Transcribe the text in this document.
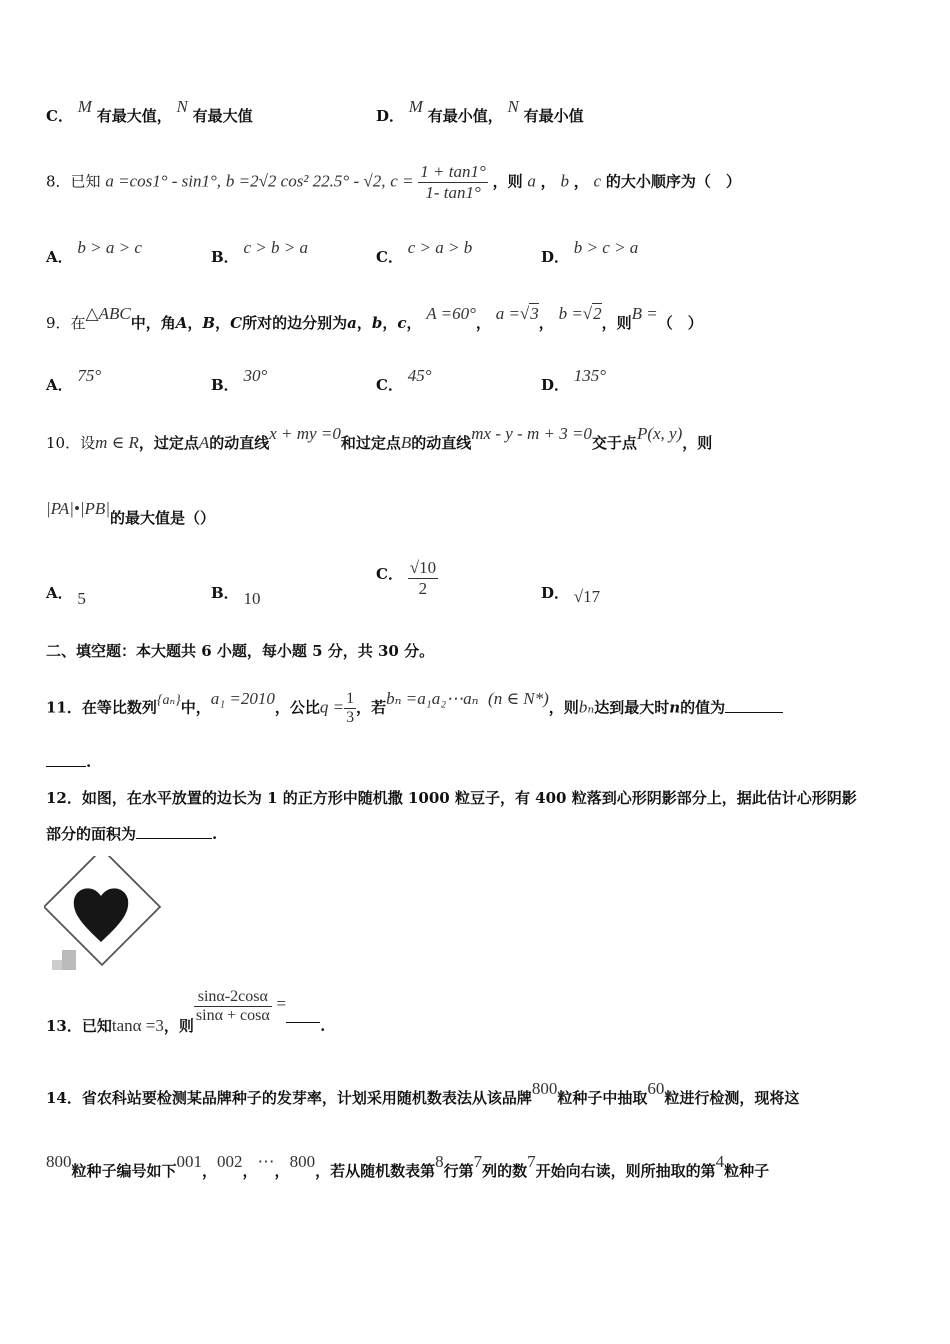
C． M 有最大值， N 有最大值	D． M 有最小值， N 有最小值
8．已知 a =cos1° - sin1°, b =2√2 cos² 22.5° - √2, $c = \frac{1 + \tan 1^\circ}{1- \tan 1^\circ}$ ，则 a ， b ， c 的大小顺序为（　）
A． b > a > c	B． c > b > a	C． c > a > b	D． b > c > a
9．在△ABC中，角A，B，C所对的边分别为a，b，c， A =60°， a =√3， b =√2，则B =（　）
A． 75°	B． 30°	C． 45°	D． 135°
10．设m ∈ R，过定点A的动直线x + my =0和过定点B的动直线mx - y - m + 3 =0交于点P(x, y)，则
|PA|•|PB|的最大值是（）
A． 5	B． 10
C． $\frac{√10}{2}$	D． √17
二、填空题：本大题共 6 小题，每小题 5 分，共 30 分。
11．在等比数列{aₙ}中，a₁ =2010，公比$q = \frac{1}{3}$ ，若bₙ =a₁a₂⋯aₙ (n ∈ N*)，则bₙ达到最大时n的值为
.
12．如图，在水平放置的边长为 1 的正方形中随机撒 1000 粒豆子，有 400 粒落到心形阴影部分上，据此估计心形阴影
部分的面积为	.
13．已知tanα =3，则
$\frac{\sin\alpha-2\cos\alpha}{\sin\alpha + \cos\alpha}$ =.
14．省农科站要检测某品牌种子的发芽率，计划采用随机数表法从该品牌800粒种子中抽取60粒进行检测，现将这
800粒种子编号如下001，002，⋯，800，若从随机数表第8行第7列的数7开始向右读，则所抽取的第4粒种子
